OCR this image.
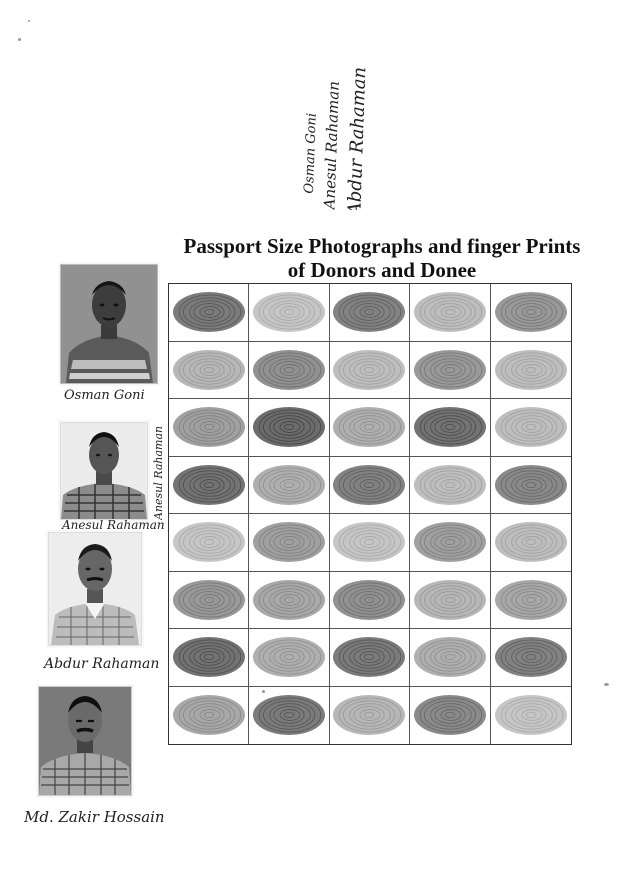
Osman Goni Anesul Rahaman Abdur Rahaman
Passport Size Photographs and finger Prints
of Donors and Donee
Osman Goni
Anesul Rahaman
Anesul Rahaman
Abdur Rahaman
Md. Zakir Hossain
